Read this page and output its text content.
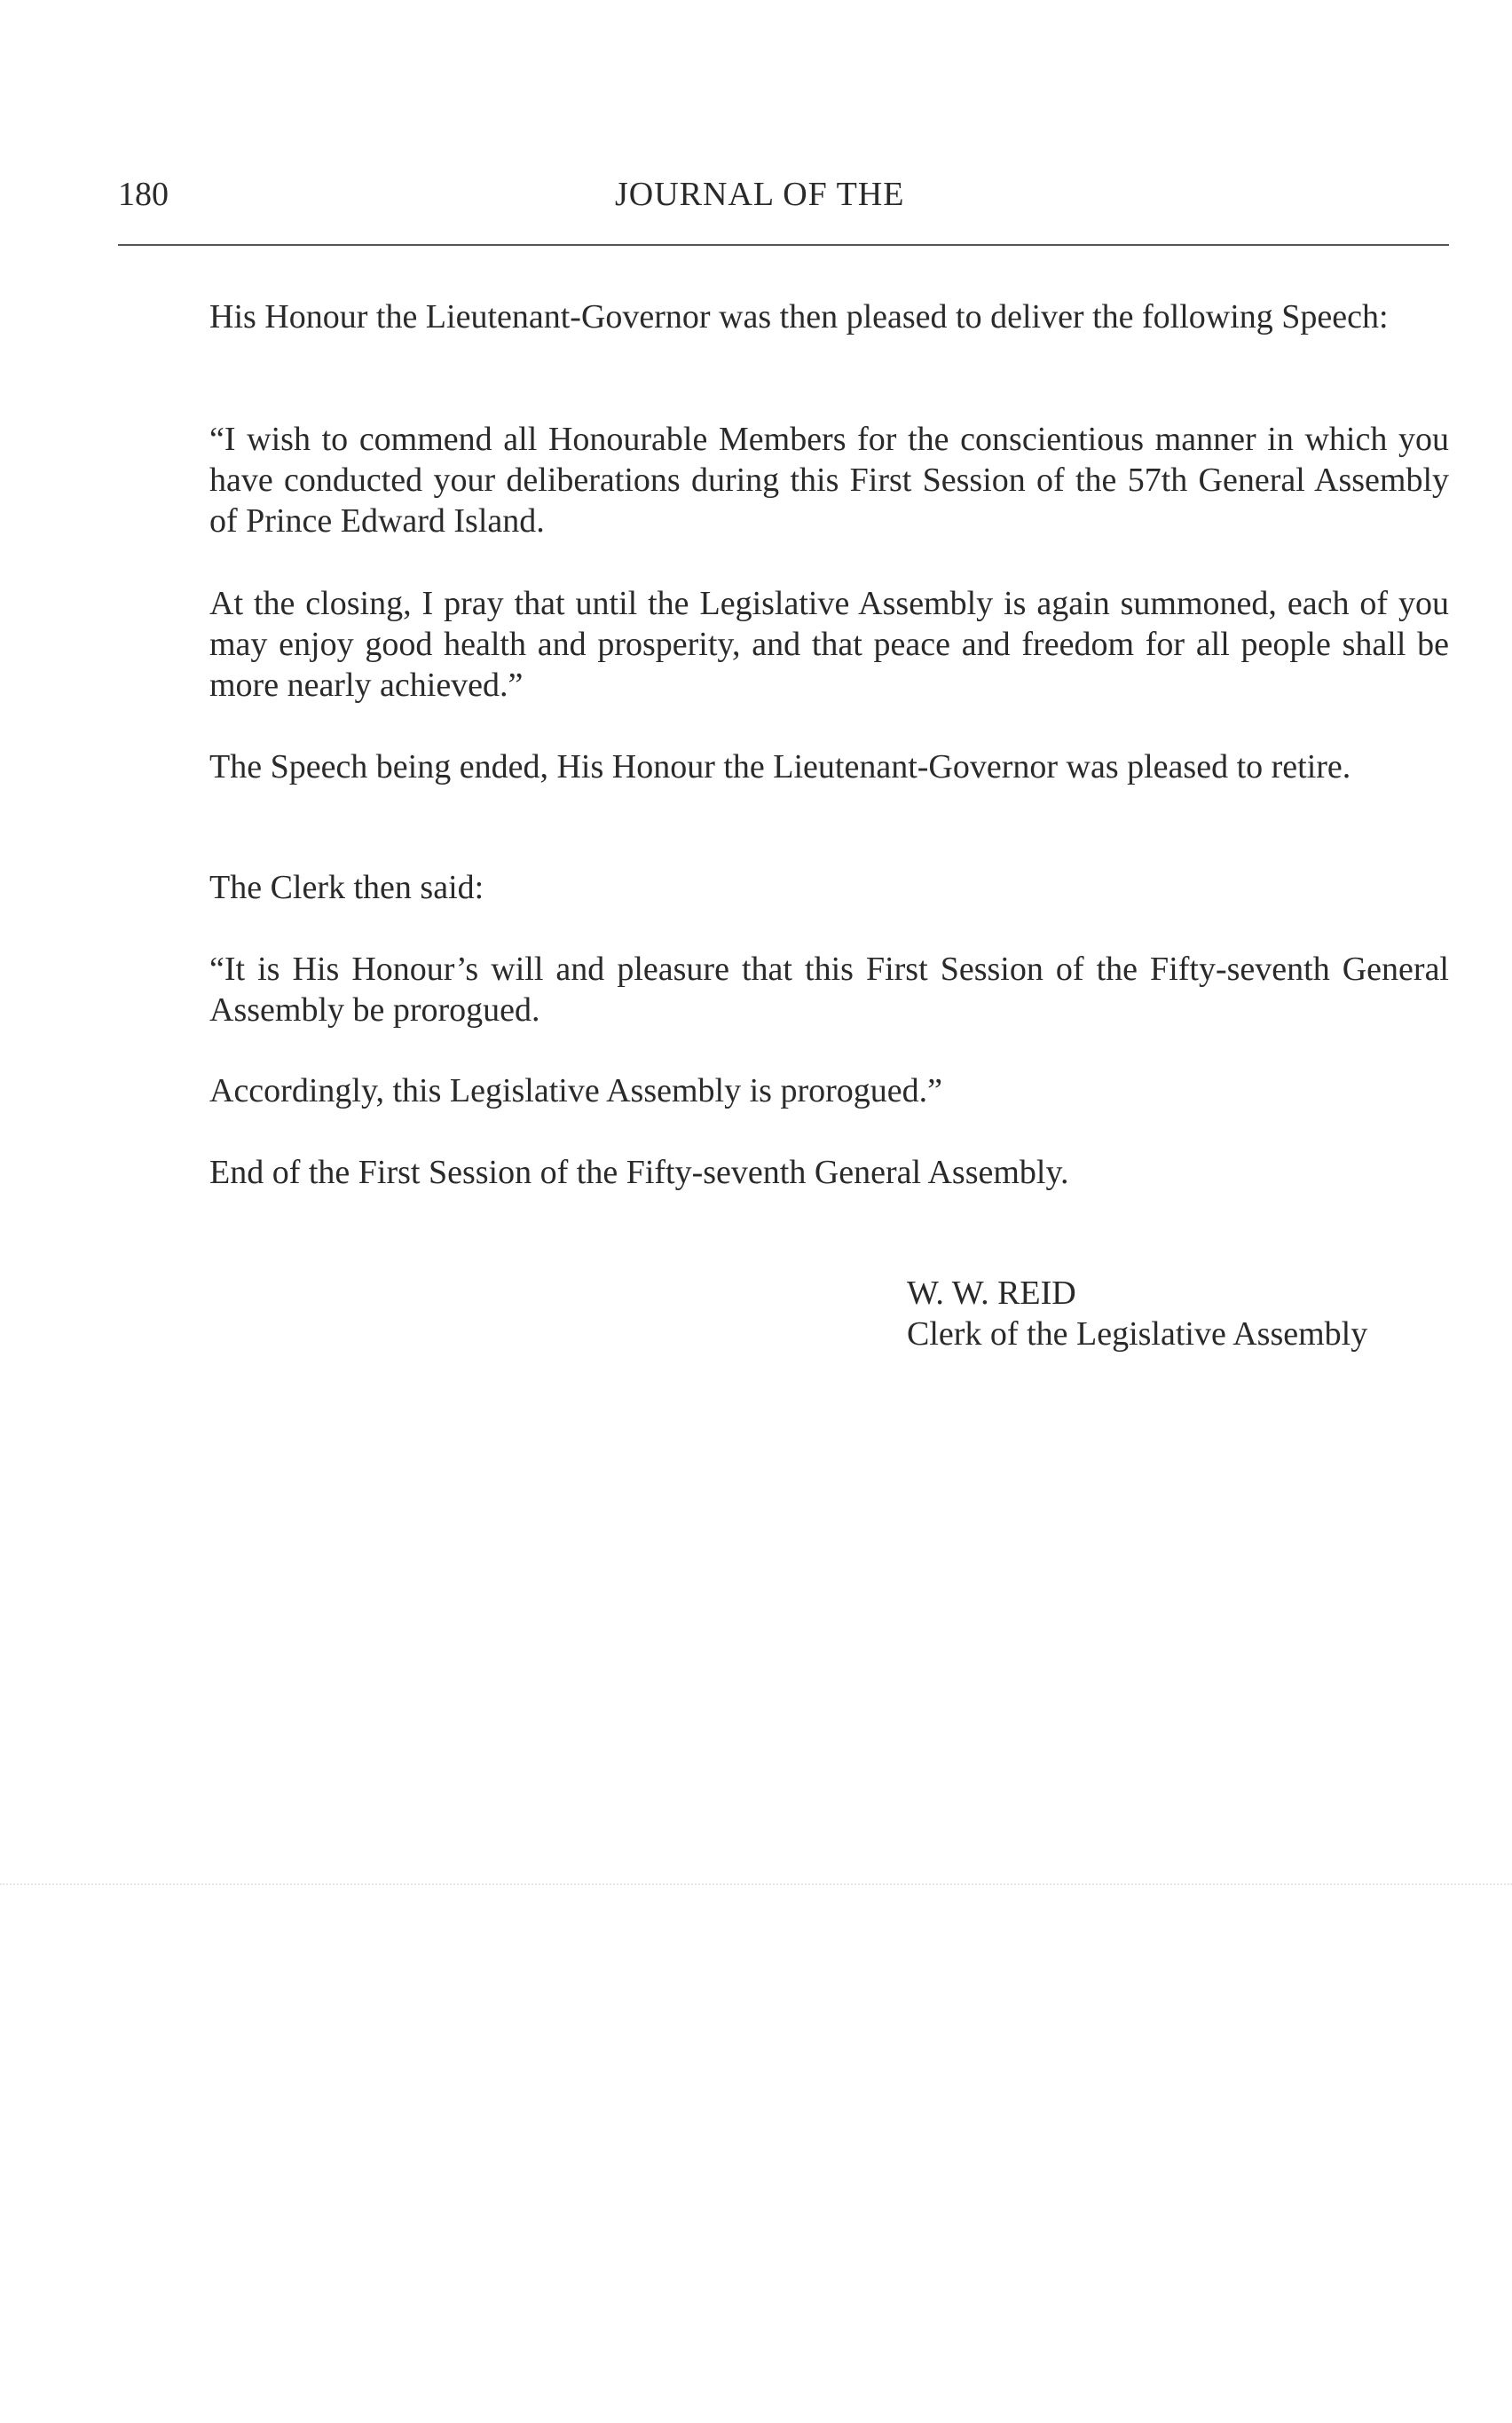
180	JOURNAL OF THE

His Honour the Lieutenant-Governor was then pleased to deliver the following Speech:

“I wish to commend all Honourable Members for the conscientious manner in which you have conducted your deliberations during this First Session of the 57th General Assembly of Prince Edward Island.

At the closing, I pray that until the Legislative Assembly is again summoned, each of you may enjoy good health and prosperity, and that peace and freedom for all people shall be more nearly achieved.”

The Speech being ended, His Honour the Lieutenant-Governor was pleased to retire.

The Clerk then said:

“It is His Honour’s will and pleasure that this First Session of the Fifty-seventh General Assembly be prorogued.

Accordingly, this Legislative Assembly is prorogued.”

End of the First Session of the Fifty-seventh General Assembly.

W. W. REID

Clerk of the Legislative Assembly
